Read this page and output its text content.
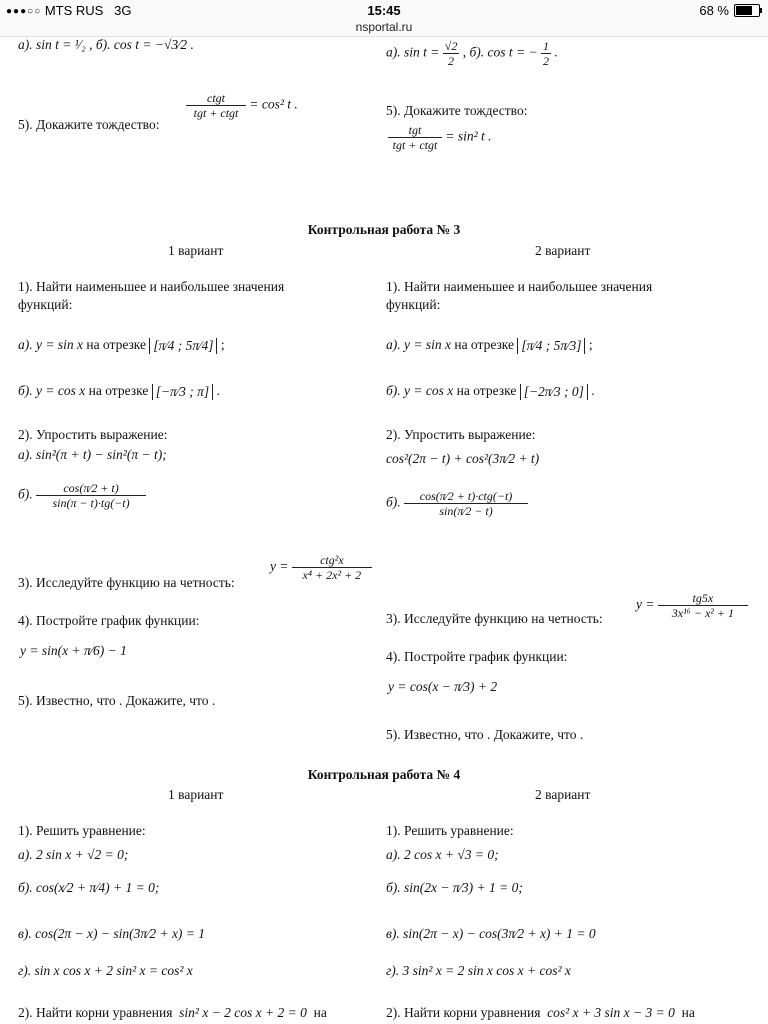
●●●○○ MTS RUS 3G	15:45
nsportal.ru
68 %
а). sin t = ¹⁄₂ , б). cos t = −√3⁄2 .
а). $\sin t = \frac{√2}{2}$ , б). cos t = − $\frac{1}{2}$ .
5). Докажите тождество:
$\frac{\text{ctgt}}{\text{tgt + ctgt}} = \cos^2$ t .	5). Докажите тождество:
$\frac{\text{tgt}}{\text{tgt + ctgt}} = \sin^2$ t .
Контрольная работа № 3
1 вариант	2 вариант
1). Найти наименьшее и наибольшее значения
функций:
а). y = sin x на отрезке [π⁄4 ; 5π⁄4] ;
б). y = cos x на отрезке [−π⁄3 ; π] .
2). Упростить выражение:
а). sin²(π + t) − sin²(π − t);
б). $\frac{\cos(\pi⁄2 + t)}{\sin(\pi - t)\cdot tg(-t)}$
3). Исследуйте функцию на четность:
$y = \frac{\text{ctg²x}}{\text{x⁴ + 2x² + 2}}$
4). Постройте график функции:
y = sin(x + π⁄6) − 1
5). Известно, что . Докажите, что .
1). Найти наименьшее и наибольшее значения
функций:
а). y = sin x на отрезке [π⁄4 ; 5π⁄3] ;
б). y = cos x на отрезке [−2π⁄3 ; 0] .
2). Упростить выражение:
cos²(2π − t) + cos²(3π⁄2 + t)
б). $\frac{\text{cos(π⁄2 + t)·ctg(−t)}}{\sin(\pi⁄2 - t)}$
3). Исследуйте функцию на четность:
$y = \frac{tg5x}{\text{3x¹⁶ − x² + 1}}$
4). Постройте график функции:
y = cos(x − π⁄3) + 2
5). Известно, что . Докажите, что .
Контрольная работа № 4
1 вариант	2 вариант
1). Решить уравнение:
а). 2 sin x + √2 = 0;
б). cos(x⁄2 + π⁄4) + 1 = 0;
в). cos(2π − x) − sin(3π⁄2 + x) = 1
г). sin x cos x + 2 sin² x = cos² x
2). Найти корни уравнения sin² x − 2 cos x + 2 = 0 на
1). Решить уравнение:
а). 2 cos x + √3 = 0;
б). sin(2x − π⁄3) + 1 = 0;
в). sin(2π − x) − cos(3π⁄2 + x) + 1 = 0
г). 3 sin² x = 2 sin x cos x + cos² x
2). Найти корни уравнения cos² x + 3 sin x − 3 = 0 на
